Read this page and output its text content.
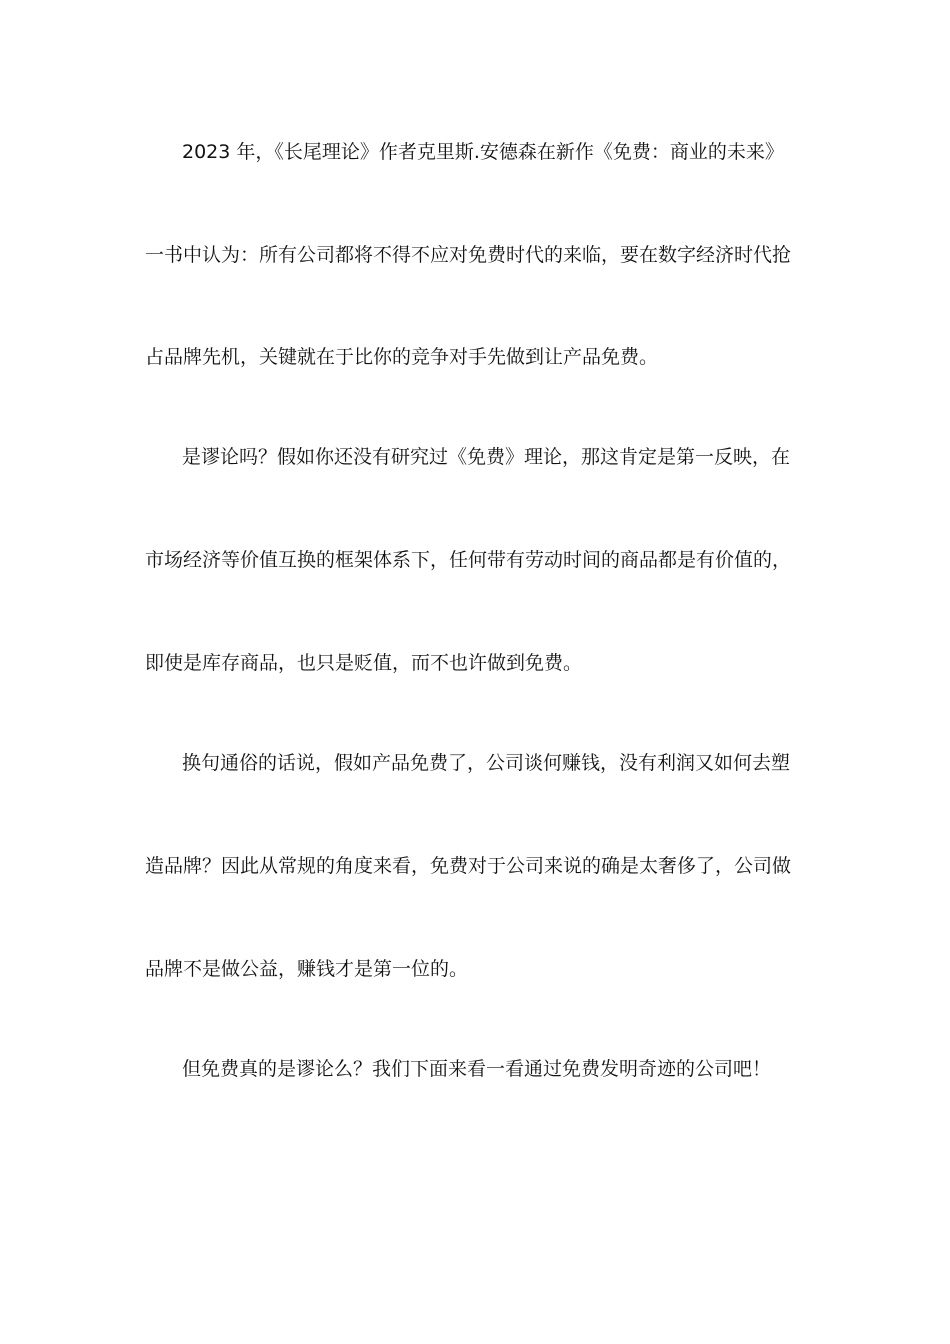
2023 年，《长尾理论》作者克里斯.安德森在新作《免费：商业的未来》
一书中认为：所有公司都将不得不应对免费时代的来临，要在数字经济时代抢
占品牌先机，关键就在于比你的竞争对手先做到让产品免费。
是谬论吗？假如你还没有研究过《免费》理论，那这肯定是第一反映，在
市场经济等价值互换的框架体系下，任何带有劳动时间的商品都是有价值的，
即使是库存商品，也只是贬值，而不也许做到免费。
换句通俗的话说，假如产品免费了，公司谈何赚钱，没有利润又如何去塑
造品牌？因此从常规的角度来看，免费对于公司来说的确是太奢侈了，公司做
品牌不是做公益，赚钱才是第一位的。
但免费真的是谬论么？我们下面来看一看通过免费发明奇迹的公司吧！
